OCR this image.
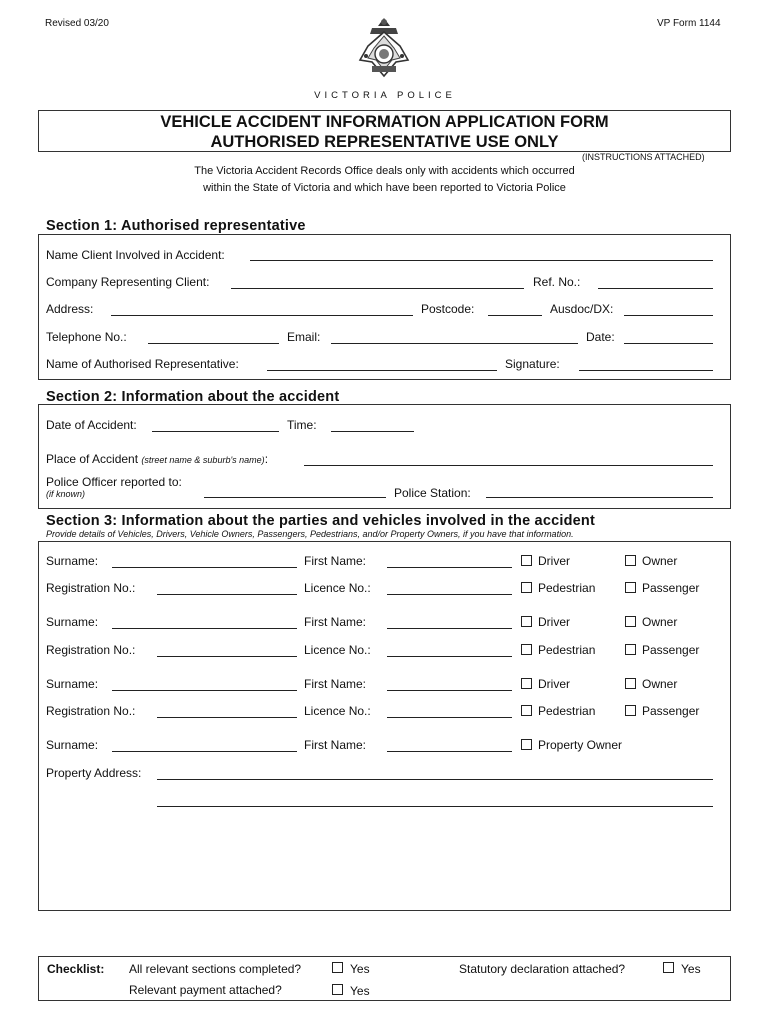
Revised 03/20	VP Form 1144
VICTORIA POLICE
VEHICLE ACCIDENT INFORMATION APPLICATION FORM
AUTHORISED REPRESENTATIVE USE ONLY
(INSTRUCTIONS ATTACHED)
The Victoria Accident Records Office deals only with accidents which occurred
within the State of Victoria and which have been reported to Victoria Police
Section 1: Authorised representative
Name Client Involved in Accident:
Company Representing Client:	Ref. No.:
Address:	Postcode:	Ausdoc/DX:
Telephone No.:	Email:	Date:
Name of Authorised Representative:	Signature:
Section 2: Information about the accident
Date of Accident:	Time:
Place of Accident (street name & suburb's name):
Police Officer reported to:
(if known)	Police Station:
Section 3: Information about the parties and vehicles involved in the accident
Provide details of Vehicles, Drivers, Vehicle Owners, Passengers, Pedestrians, and/or Property Owners, if you have that information.
Surname:	First Name:	Driver	Owner
Registration No.:	Licence No.:	Pedestrian	Passenger
Surname:	First Name:	Driver	Owner
Registration No.:	Licence No.:	Pedestrian	Passenger
Surname:	First Name:	Driver	Owner
Registration No.:	Licence No.:	Pedestrian	Passenger
Surname:	First Name:	Property Owner
Property Address:
Checklist: All relevant sections completed?	Yes	Statutory declaration attached?	Yes
Relevant payment attached?	Yes
